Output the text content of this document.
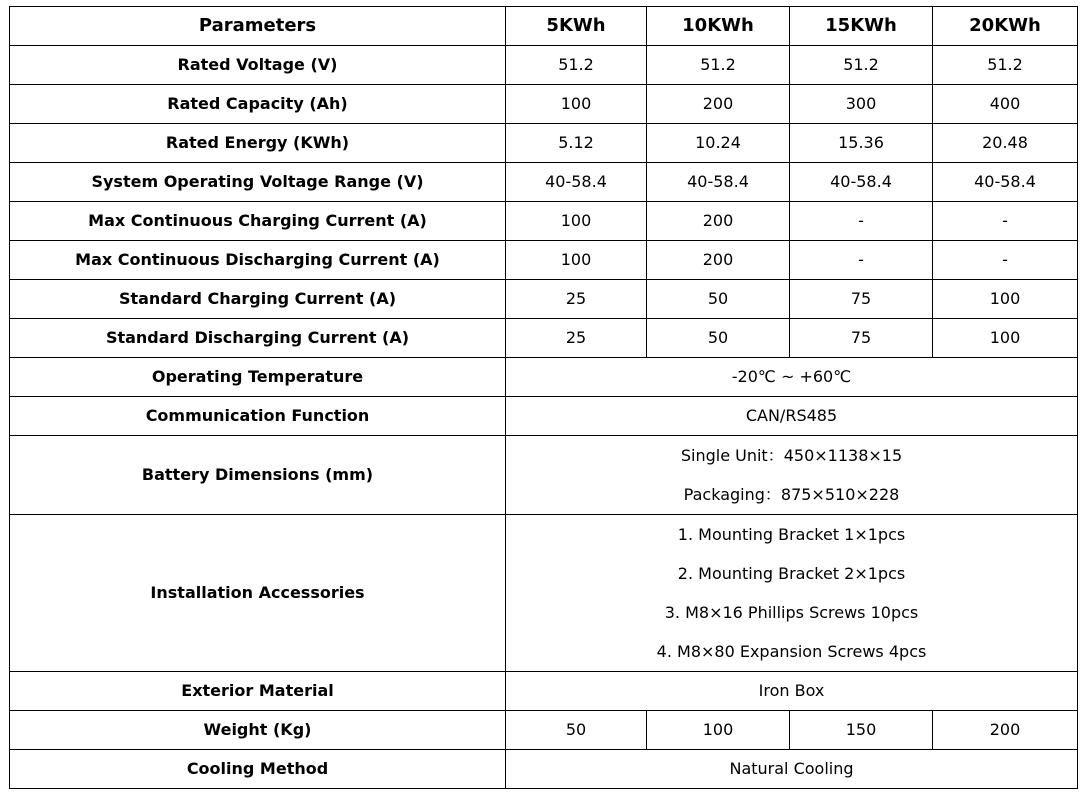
Parameters	5KWh	10KWh	15KWh	20KWh
Rated Voltage (V)	51.2	51.2	51.2	51.2
Rated Capacity (Ah)	100	200	300	400
Rated Energy (KWh)	5.12	10.24	15.36	20.48
System Operating Voltage Range (V)	40-58.4	40-58.4	40-58.4	40-58.4
Max Continuous Charging Current (A)	100	200	-	-
Max Continuous Discharging Current (A)	100	200	-	-
Standard Charging Current (A)	25	50	75	100
Standard Discharging Current (A)	25	50	75	100
Operating Temperature	-20℃ ~ +60℃			
Communication Function	CAN/RS485			
Battery Dimensions (mm)	Single Unit：450×1138×15
Packaging：875×510×228			

Installation Accessories	1. Mounting Bracket 1×1pcs
2. Mounting Bracket 2×1pcs
3. M8×16 Phillips Screws 10pcs
4. M8×80 Expansion Screws 4pcs			

Exterior Material	Iron Box			
Weight (Kg)	50	100	150	200
Cooling Method	Natural Cooling			
